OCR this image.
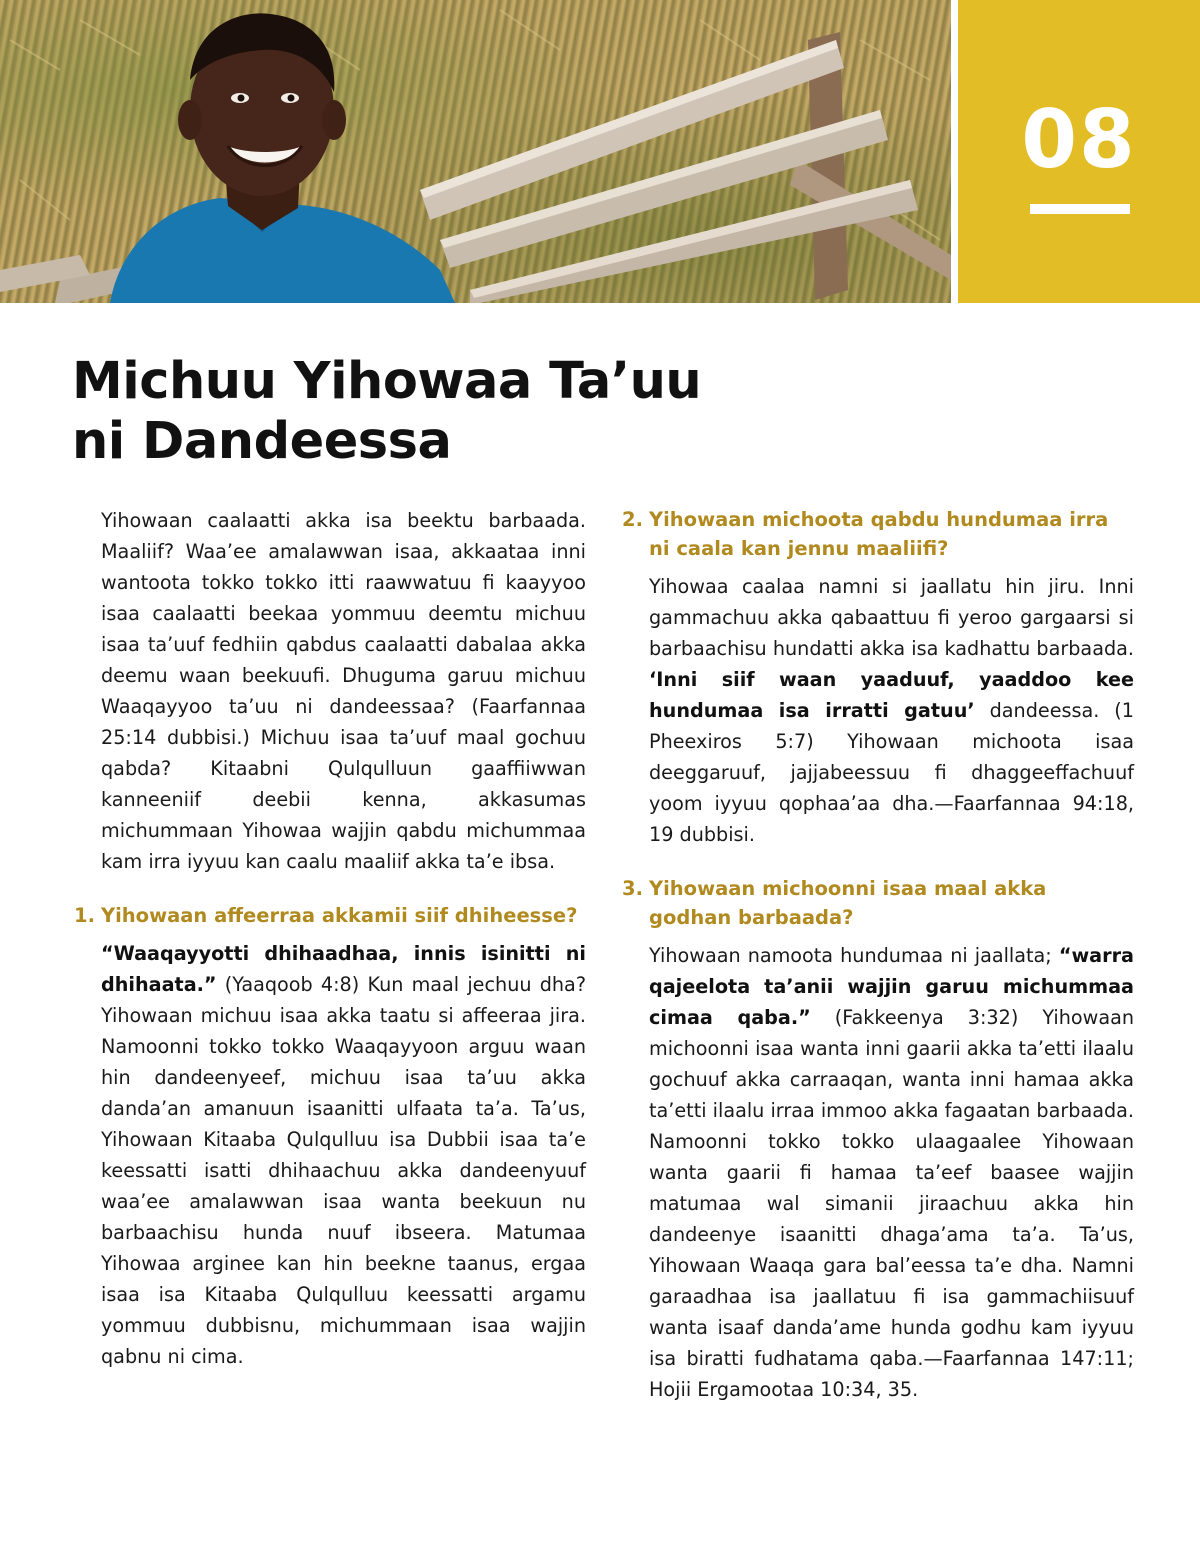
08
Michuu Yihowaa Ta’uu
ni Dandeessa

Yihowaan caalaatti akka isa beektu barbaada. Maaliif? Waa’ee amalawwan isaa, akkaataa inni wantoota tokko tokko itti raawwatuu fi kaayyoo isaa caalaatti beekaa yommuu deemtu michuu isaa ta’uuf fedhiin qabdus caalaatti dabalaa akka deemu waan beekuufi. Dhuguma garuu michuu Waaqayyoo ta’uu ni dandeessaa? (Faarfannaa 25:14 dubbisi.) Michuu isaa ta’uuf maal gochuu qabda? Kitaabni Qulqulluun gaaffiiwwan kanneeniif deebii kenna, akkasumas michummaan Yihowaa wajjin qabdu michummaa kam irra iyyuu kan caalu maaliif akka ta’e ibsa.

1. Yihowaan affeerraa akkamii siif dhiheesse?

“Waaqayyotti dhihaadhaa, innis isinitti ni dhihaata.” (Yaaqoob 4:8) Kun maal jechuu dha? Yihowaan michuu isaa akka taatu si affeeraa jira. Namoonni tokko tokko Waaqayyoon arguu waan hin dandeenyeef, michuu isaa ta’uu akka danda’an amanuun isaanitti ulfaata ta’a. Ta’us, Yihowaan Kitaaba Qulqulluu isa Dubbii isaa ta’e keessatti isatti dhihaachuu akka dandeenyuuf waa’ee amalawwan isaa wanta beekuun nu barbaachisu hunda nuuf ibseera. Matumaa Yihowaa arginee kan hin beekne taanus, ergaa isaa isa Kitaaba Qulqulluu keessatti argamu yommuu dubbisnu, michummaan isaa wajjin qabnu ni cima.

2. Yihowaan michoota qabdu hundumaa irra ni caala kan jennu maaliifi?

Yihowaa caalaa namni si jaallatu hin jiru. Inni gammachuu akka qabaattuu fi yeroo gargaarsi si barbaachisu hundatti akka isa kadhattu barbaada. ‘Inni siif waan yaaduuf, yaaddoo kee hundumaa isa irratti gatuu’ dandeessa. (1 Pheexiros 5:7) Yihowaan michoota isaa deeggaruuf, jajjabeessuu fi dhaggeeffachuuf yoom iyyuu qophaa’aa dha.—Faarfannaa 94:18, 19 dubbisi.

3. Yihowaan michoonni isaa maal akka godhan barbaada?

Yihowaan namoota hundumaa ni jaallata; “warra qajeelota ta’anii wajjin garuu michummaa cimaa qaba.” (Fakkeenya 3:32) Yihowaan michoonni isaa wanta inni gaarii akka ta’etti ilaalu gochuuf akka carraaqan, wanta inni hamaa akka ta’etti ilaalu irraa immoo akka fagaatan barbaada. Namoonni tokko tokko ulaagaalee Yihowaan wanta gaarii fi hamaa ta’eef baasee wajjin matumaa wal simanii jiraachuu akka hin dandeenye isaanitti dhaga’ama ta’a. Ta’us, Yihowaan Waaqa gara bal’eessa ta’e dha. Namni garaadhaa isa jaallatuu fi isa gammachiisuuf wanta isaaf danda’ame hunda godhu kam iyyuu isa biratti fudhatama qaba.—Faarfannaa 147:11; Hojii Ergamootaa 10:34, 35.
